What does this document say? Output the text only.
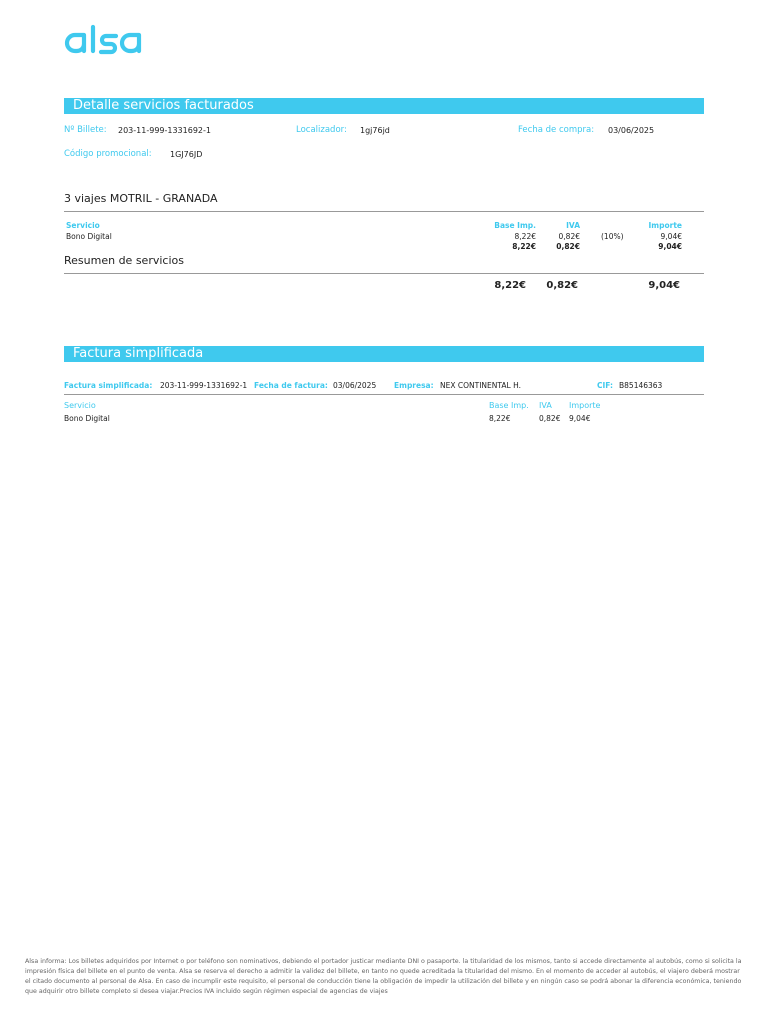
Detalle servicios facturados
Nº Billete: 203-11-999-1331692-1	Localizador: 1gj76jd	Fecha de compra: 03/06/2025
Código promocional: 1GJ76JD
3 viajes MOTRIL - GRANADA
Servicio	Base Imp.	IVA	Importe
Bono Digital	8,22€	0,82€	(10%)	9,04€
8,22€	0,82€	9,04€
Resumen de servicios
8,22€	0,82€	9,04€
Factura simplificada
Factura simplificada: 203-11-999-1331692-1 Fecha de factura: 03/06/2025 Empresa: NEX CONTINENTAL H.	CIF: B85146363
Servicio	Base Imp. IVA Importe
Bono Digital	8,22€	0,82€ 9,04€
Alsa informa: Los billetes adquiridos por Internet o por teléfono son nominativos, debiendo el portador justicar mediante DNI o pasaporte. la titularidad de los mismos, tanto si accede directamente al autobús, como si solicita la impresión física del billete en el punto de venta. Alsa se reserva el derecho a admitir la validez del billete, en tanto no quede acreditada la titularidad del mismo. En el momento de acceder al autobús, el viajero deberá mostrar el citado documento al personal de Alsa. En caso de incumplir este requisito, el personal de conducción tiene la obligación de impedir la utilización del billete y en ningún caso se podrá abonar la diferencia económica, teniendo que adquirir otro billete completo si desea viajar.Precios IVA incluido según régimen especial de agencias de viajes
